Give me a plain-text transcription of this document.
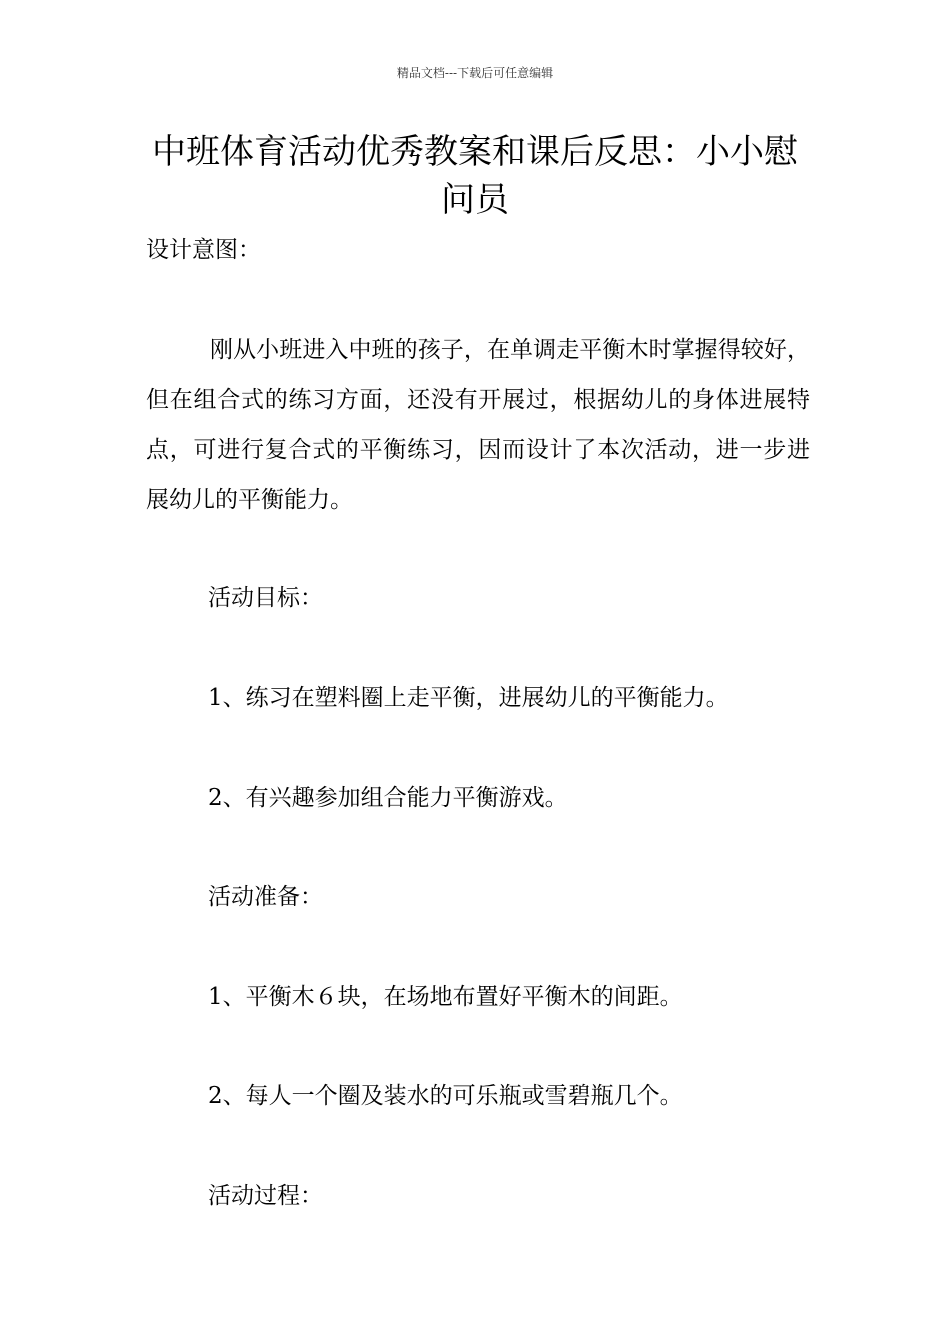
精品文档---下载后可任意编辑
中班体育活动优秀教案和课后反思：小小慰问员
设计意图：
刚从小班进入中班的孩子，在单调走平衡木时掌握得较好，但在组合式的练习方面，还没有开展过，根据幼儿的身体进展特点，可进行复合式的平衡练习，因而设计了本次活动，进一步进展幼儿的平衡能力。
活动目标：
1、练习在塑料圈上走平衡，进展幼儿的平衡能力。
2、有兴趣参加组合能力平衡游戏。
活动准备：
1、平衡木６块，在场地布置好平衡木的间距。
2、每人一个圈及装水的可乐瓶或雪碧瓶几个。
活动过程：
